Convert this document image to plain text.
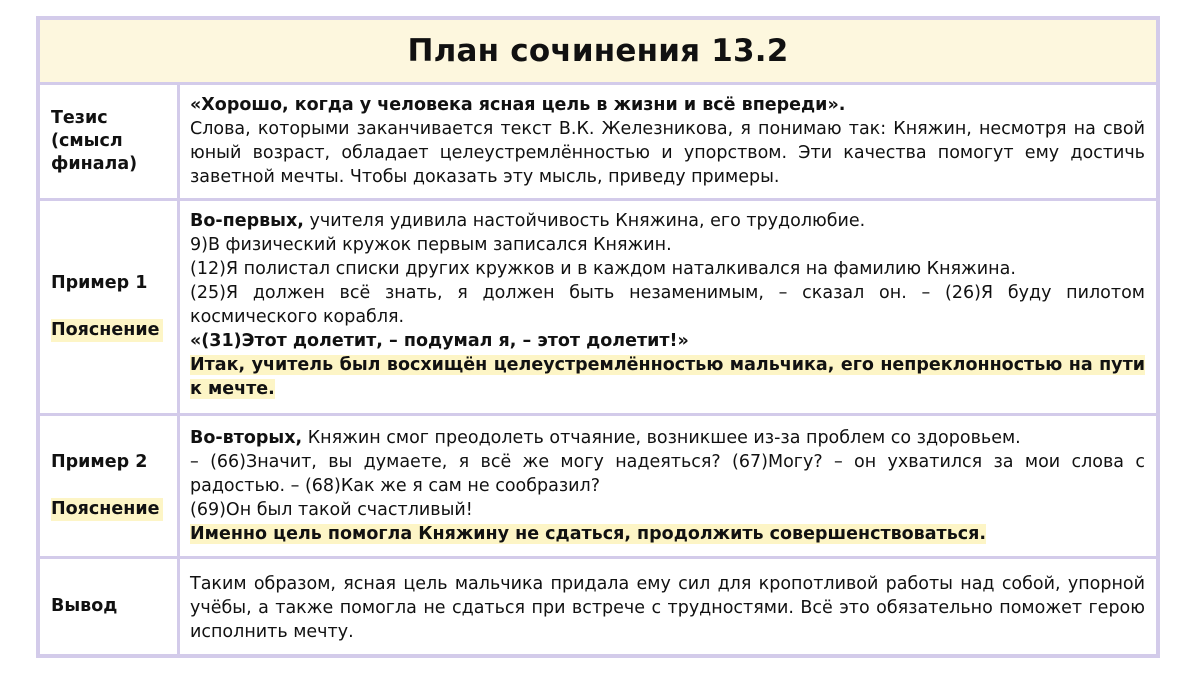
План сочинения 13.2
Тезис
(смысл
финала)
«Хорошо, когда у человека ясная цель в жизни и всё впереди».

Слова, которыми заканчивается текст В.К. Железникова, я понимаю так: Княжин, несмотря на свой юный возраст, обладает целеустремлённостью и упорством. Эти качества помогут ему достичь заветной мечты. Чтобы доказать эту мысль, приведу примеры.

Пример 1
Пояснение
Во-первых, учителя удивила настойчивость Княжина, его трудолюбие.
9)В физический кружок первым записался Княжин.
(12)Я полистал списки других кружков и в каждом наталкивался на фамилию Княжина.

(25)Я должен всё знать, я должен быть незаменимым, – сказал он. – (26)Я буду пилотом космического корабля.

«(31)Этот долетит, – подумал я, – этот долетит!»

Итак, учитель был восхищён целеустремлённостью мальчика, его непреклонностью на пути к мечте.

Пример 2
Пояснение
Во-вторых, Княжин смог преодолеть отчаяние, возникшее из-за проблем со здоровьем.

– (66)Значит, вы думаете, я всё же могу надеяться? (67)Могу? – он ухватился за мои слова с радостью. – (68)Как же я сам не сообразил?

(69)Он был такой счастливый!
Именно цель помогла Княжину не сдаться, продолжить совершенствоваться.
Вывод

Таким образом, ясная цель мальчика придала ему сил для кропотливой работы над собой, упорной учёбы, а также помогла не сдаться при встрече с трудностями. Всё это обязательно поможет герою исполнить мечту.
